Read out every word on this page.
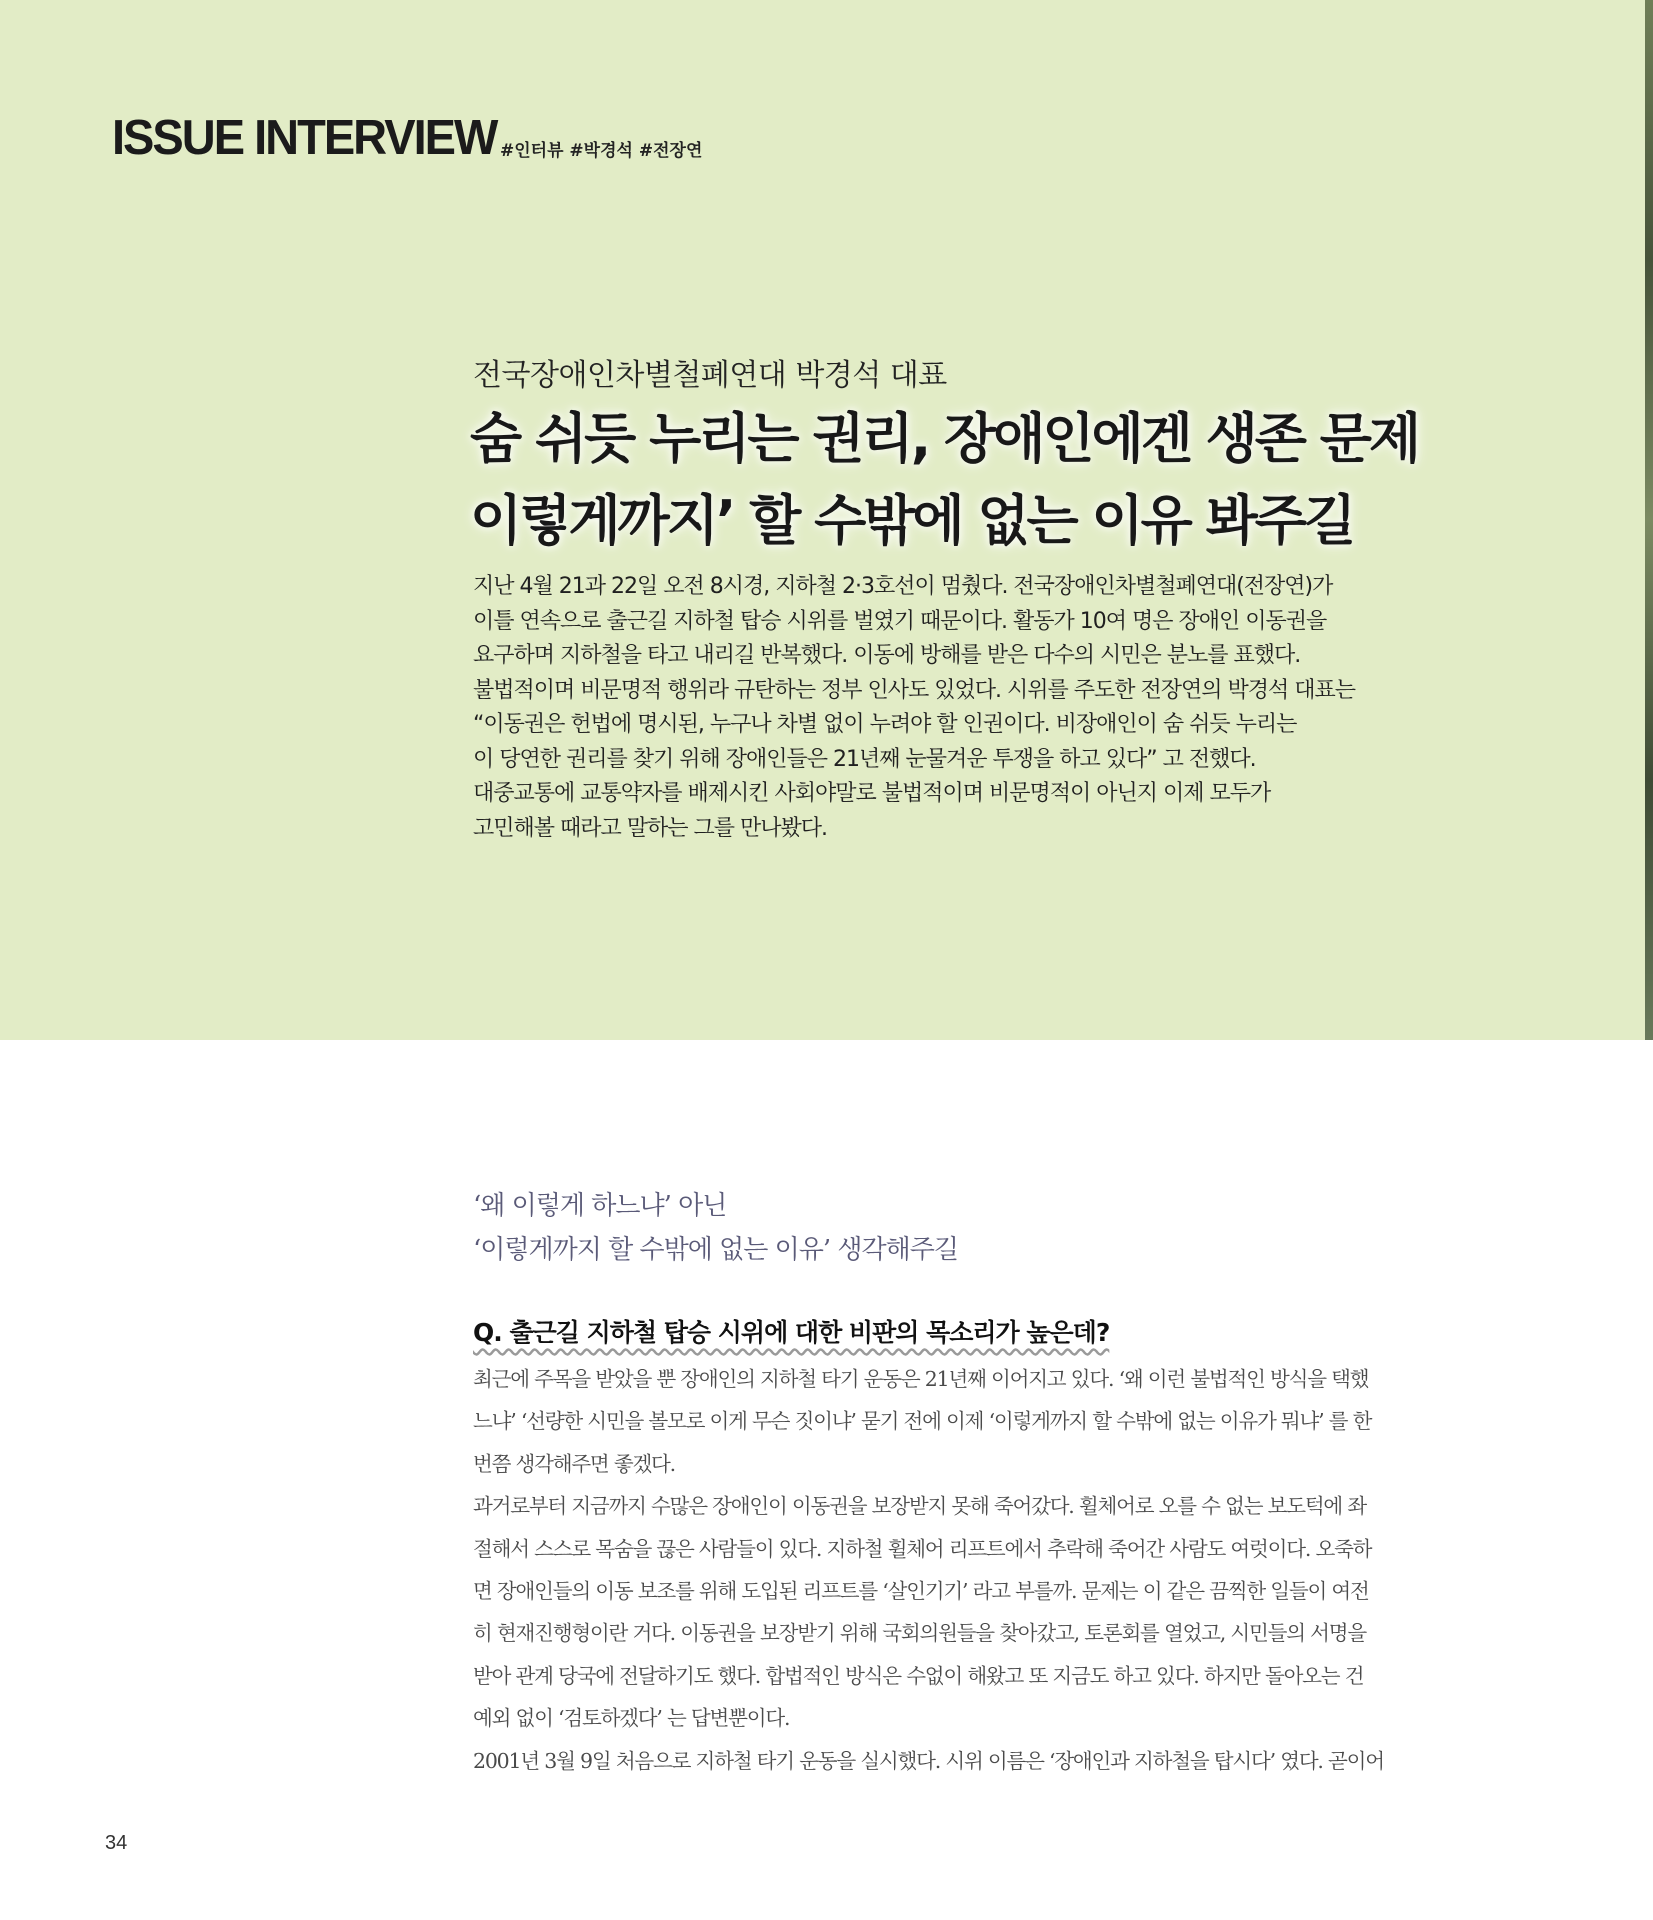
ISSUE INTERVIEW #인터뷰 #박경석 #전장연
전국장애인차별철폐연대 박경석 대표
숨 쉬듯 누리는 권리, 장애인에겐 생존 문제
이렇게까지’ 할 수밖에 없는 이유 봐주길

지난 4월 21과 22일 오전 8시경, 지하철 2·3호선이 멈췄다. 전국장애인차별철폐연대(전장연)가
이틀 연속으로 출근길 지하철 탑승 시위를 벌였기 때문이다. 활동가 10여 명은 장애인 이동권을
요구하며 지하철을 타고 내리길 반복했다. 이동에 방해를 받은 다수의 시민은 분노를 표했다.
불법적이며 비문명적 행위라 규탄하는 정부 인사도 있었다. 시위를 주도한 전장연의 박경석 대표는
“이동권은 헌법에 명시된, 누구나 차별 없이 누려야 할 인권이다. 비장애인이 숨 쉬듯 누리는
이 당연한 권리를 찾기 위해 장애인들은 21년째 눈물겨운 투쟁을 하고 있다” 고 전했다.
대중교통에 교통약자를 배제시킨 사회야말로 불법적이며 비문명적이 아닌지 이제 모두가
고민해볼 때라고 말하는 그를 만나봤다.

‘왜 이렇게 하느냐’ 아닌
‘이렇게까지 할 수밖에 없는 이유’ 생각해주길

Q. 출근길 지하철 탑승 시위에 대한 비판의 목소리가 높은데?
최근에 주목을 받았을 뿐 장애인의 지하철 타기 운동은 21년째 이어지고 있다. ‘왜 이런 불법적인 방식을 택했
느냐’ ‘선량한 시민을 볼모로 이게 무슨 짓이냐’ 묻기 전에 이제 ‘이렇게까지 할 수밖에 없는 이유가 뭐냐’ 를 한
번쯤 생각해주면 좋겠다.
과거로부터 지금까지 수많은 장애인이 이동권을 보장받지 못해 죽어갔다. 휠체어로 오를 수 없는 보도턱에 좌
절해서 스스로 목숨을 끊은 사람들이 있다. 지하철 휠체어 리프트에서 추락해 죽어간 사람도 여럿이다. 오죽하
면 장애인들의 이동 보조를 위해 도입된 리프트를 ‘살인기기’ 라고 부를까. 문제는 이 같은 끔찍한 일들이 여전
히 현재진행형이란 거다. 이동권을 보장받기 위해 국회의원들을 찾아갔고, 토론회를 열었고, 시민들의 서명을
받아 관계 당국에 전달하기도 했다. 합법적인 방식은 수없이 해왔고 또 지금도 하고 있다. 하지만 돌아오는 건
예외 없이 ‘검토하겠다’ 는 답변뿐이다.
2001년 3월 9일 처음으로 지하철 타기 운동을 실시했다. 시위 이름은 ‘장애인과 지하철을 탑시다’ 였다. 곧이어
34
